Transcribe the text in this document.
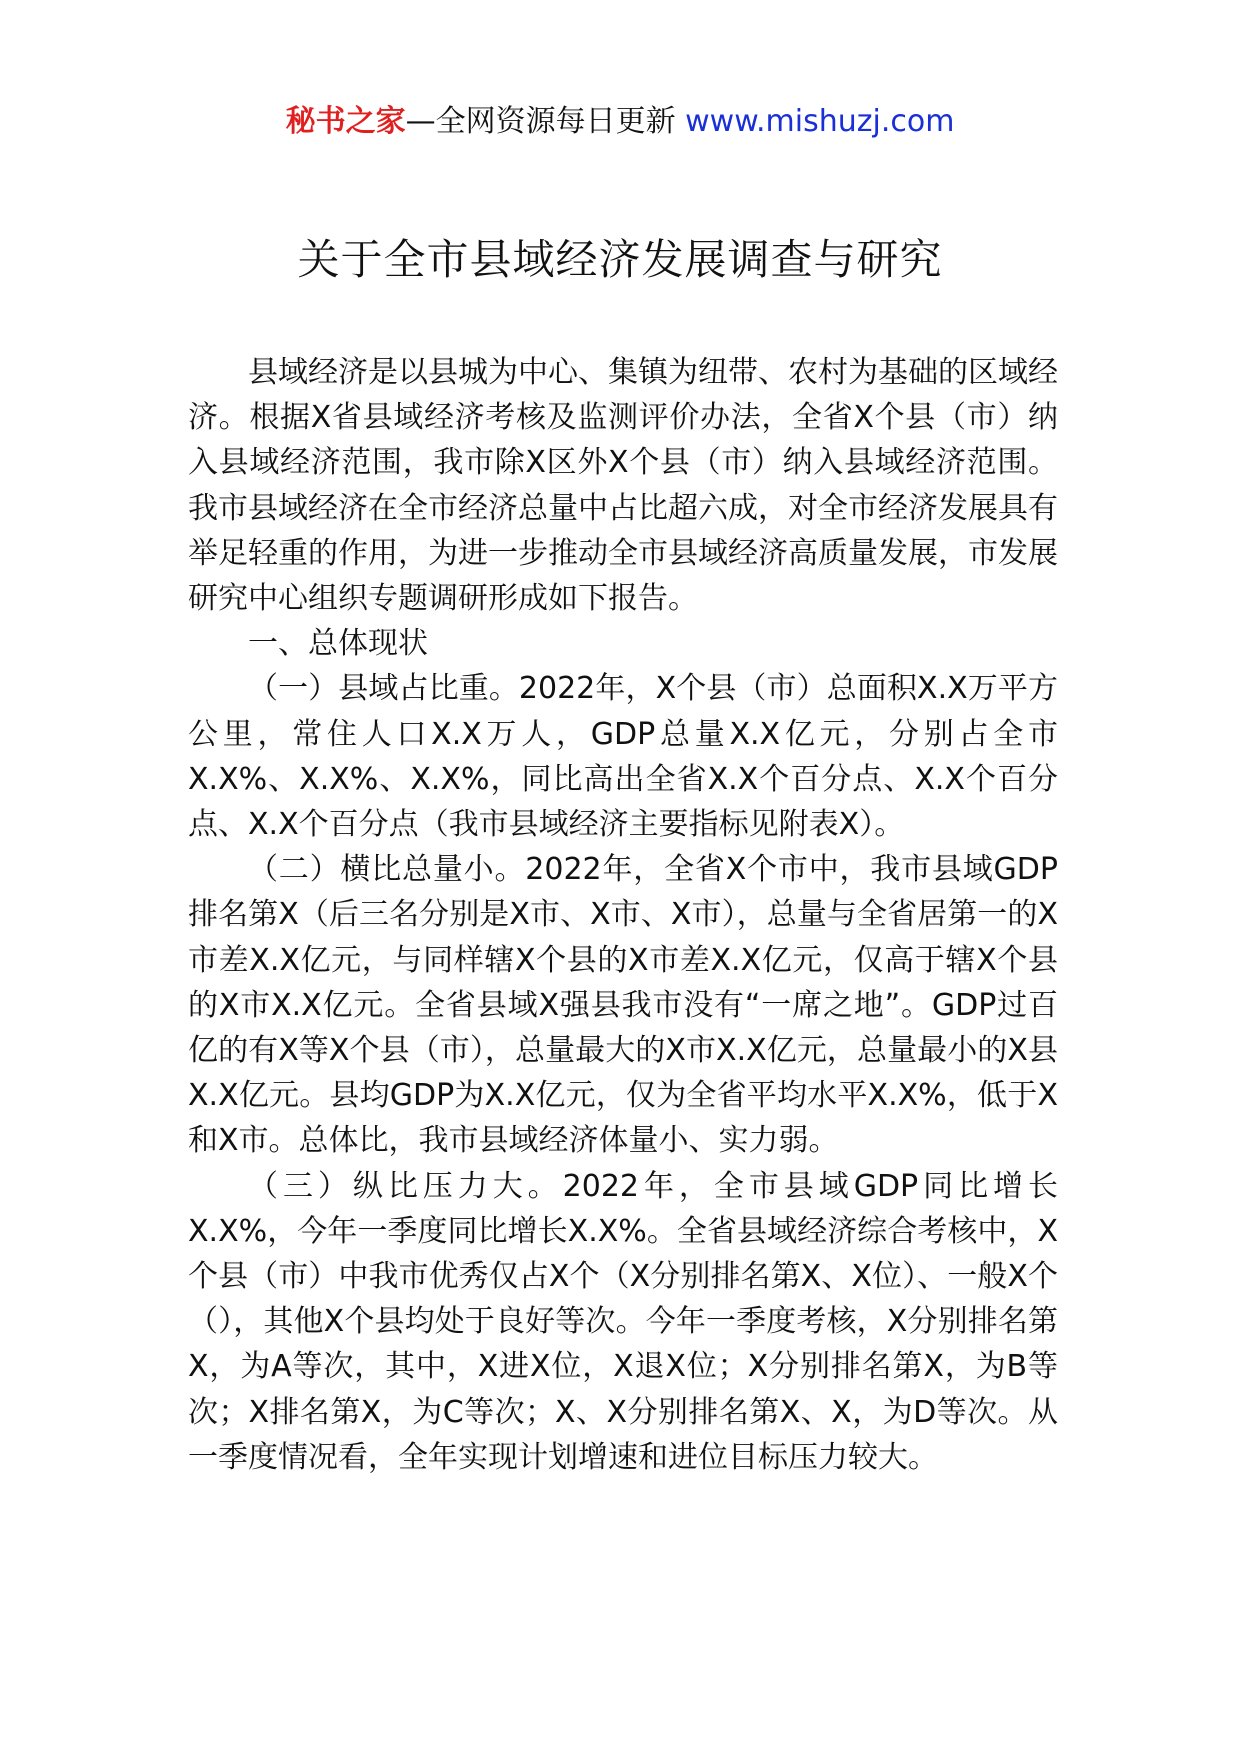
秘书之家—全网资源每日更新 www.mishuzj.com
关于全市县域经济发展调查与研究

县域经济是以县城为中心、集镇为纽带、农村为基础的区域经济。根据X省县域经济考核及监测评价办法，全省X个县（市）纳入县域经济范围，我市除X区外X个县（市）纳入县域经济范围。我市县域经济在全市经济总量中占比超六成，对全市经济发展具有举足轻重的作用，为进一步推动全市县域经济高质量发展，市发展研究中心组织专题调研形成如下报告。

一、总体现状

（一）县域占比重。2022年，X个县（市）总面积X.X万平方公里，常住人口X.X万人，GDP总量X.X亿元，分别占全市X.X%、X.X%、X.X%，同比高出全省X.X个百分点、X.X个百分点、X.X个百分点（我市县域经济主要指标见附表X）。

（二）横比总量小。2022年，全省X个市中，我市县域GDP排名第X（后三名分别是X市、X市、X市），总量与全省居第一的X市差X.X亿元，与同样辖X个县的X市差X.X亿元，仅高于辖X个县的X市X.X亿元。全省县域X强县我市没有“一席之地”。GDP过百亿的有X等X个县（市），总量最大的X市X.X亿元，总量最小的X县X.X亿元。县均GDP为X.X亿元，仅为全省平均水平X.X%，低于X和X市。总体比，我市县域经济体量小、实力弱。

（三）纵比压力大。2022年，全市县域GDP同比增长X.X%，今年一季度同比增长X.X%。全省县域经济综合考核中，X个县（市）中我市优秀仅占X个（X分别排名第X、X位）、一般X个（），其他X个县均处于良好等次。今年一季度考核，X分别排名第X，为A等次，其中，X进X位，X退X位；X分别排名第X，为B等次；X排名第X，为C等次；X、X分别排名第X、X，为D等次。从一季度情况看，全年实现计划增速和进位目标压力较大。
